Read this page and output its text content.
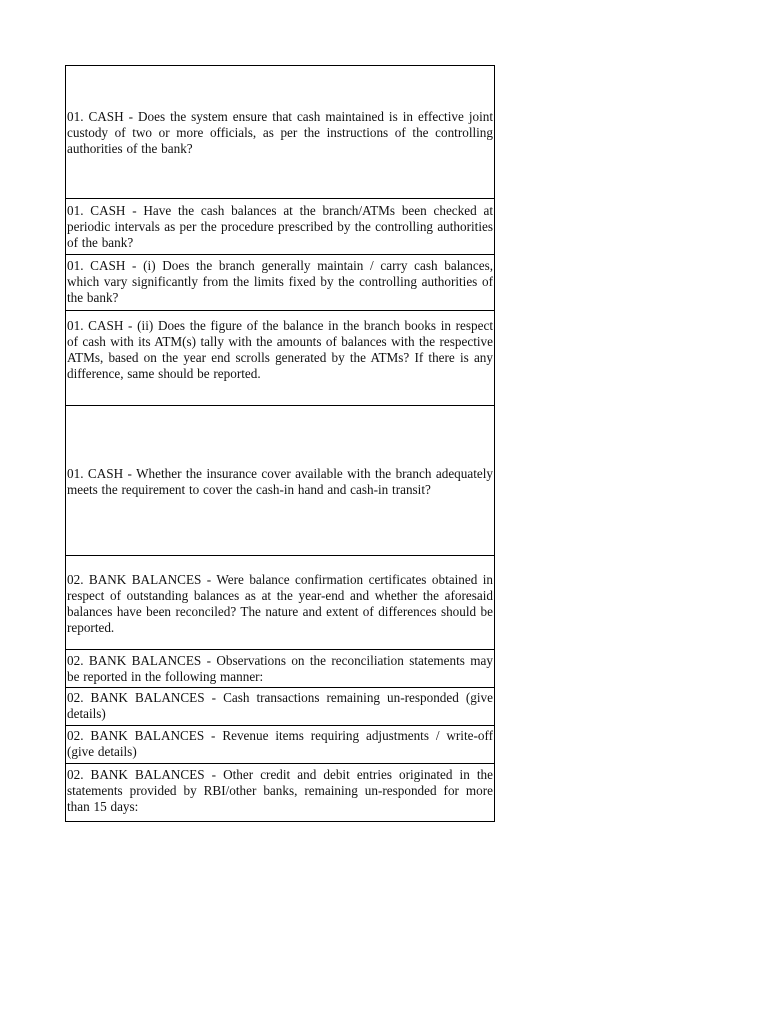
01. CASH - Does the system ensure that cash maintained is in effective joint custody of two or more officials, as per the instructions of the controlling authorities of the bank?
01. CASH - Have the cash balances at the branch/ATMs been checked at periodic intervals as per the procedure prescribed by the controlling authorities of the bank?
01. CASH - (i) Does the branch generally maintain / carry cash balances, which vary significantly from the limits fixed by the controlling authorities of the bank?
01. CASH - (ii) Does the figure of the balance in the branch books in respect of cash with its ATM(s) tally with the amounts of balances with the respective ATMs, based on the year end scrolls generated by the ATMs? If there is any difference, same should be reported.
01. CASH - Whether the insurance cover available with the branch adequately meets the requirement to cover the cash-in hand and cash-in transit?
02. BANK BALANCES - Were balance confirmation certificates obtained in respect of outstanding balances as at the year-end and whether the aforesaid balances have been reconciled? The nature and extent of differences should be reported.
02. BANK BALANCES - Observations on the reconciliation statements may be reported in the following manner:
02. BANK BALANCES - Cash transactions remaining un-responded (give details)
02. BANK BALANCES - Revenue items requiring adjustments / write-off (give details)
02. BANK BALANCES - Other credit and debit entries originated in the statements provided by RBI/other banks, remaining un-responded for more than 15 days:
